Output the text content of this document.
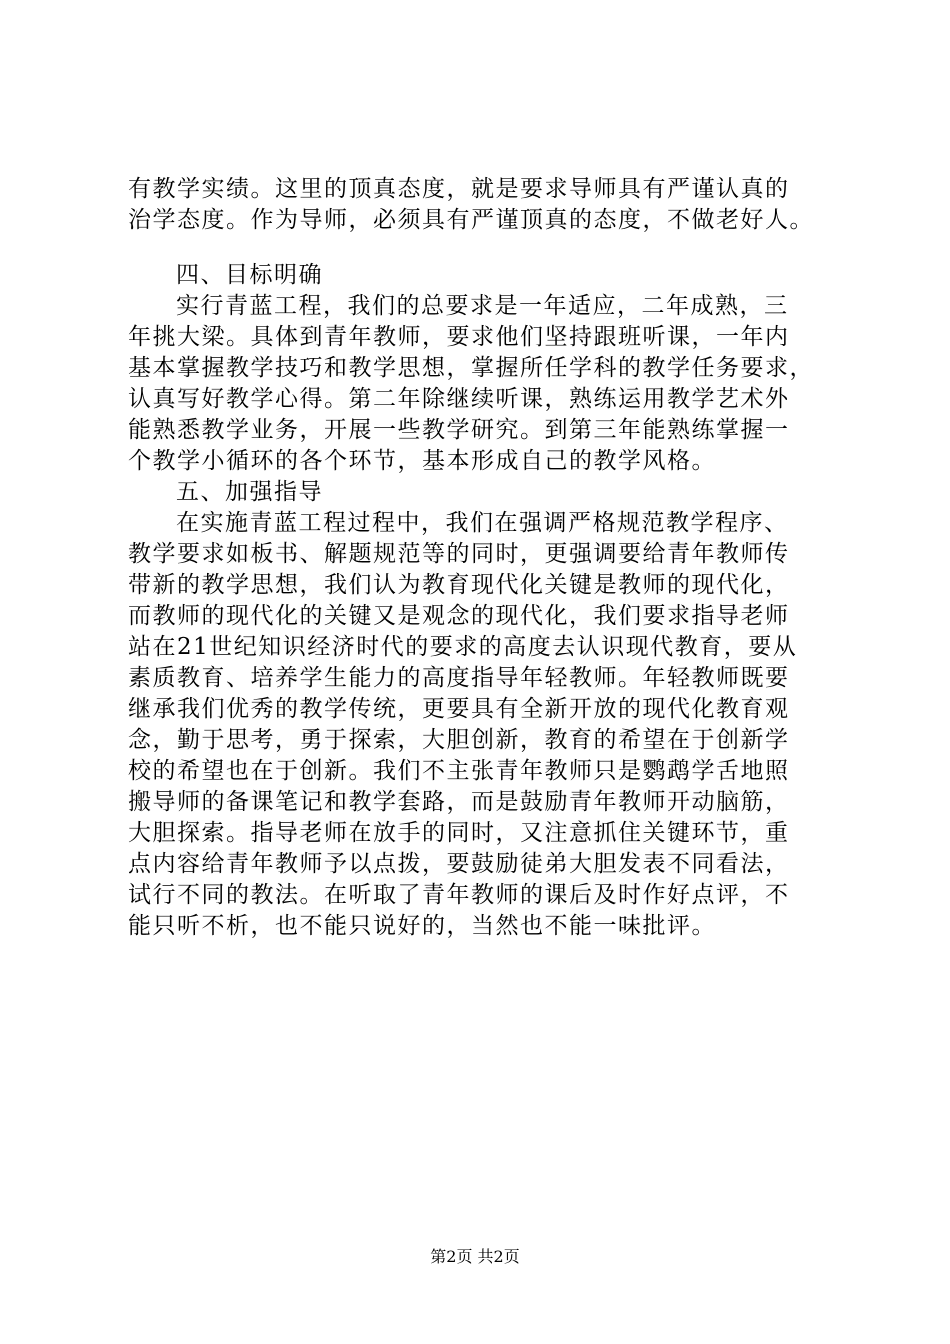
有教学实绩。这里的顶真态度，就是要求导师具有严谨认真的
治学态度。作为导师，必须具有严谨顶真的态度，不做老好人。
四、目标明确
实行青蓝工程，我们的总要求是一年适应，二年成熟，三
年挑大梁。具体到青年教师，要求他们坚持跟班听课，一年内
基本掌握教学技巧和教学思想，掌握所任学科的教学任务要求，
认真写好教学心得。第二年除继续听课，熟练运用教学艺术外
能熟悉教学业务，开展一些教学研究。到第三年能熟练掌握一
个教学小循环的各个环节，基本形成自己的教学风格。
五、加强指导
在实施青蓝工程过程中，我们在强调严格规范教学程序、
教学要求如板书、解题规范等的同时，更强调要给青年教师传
带新的教学思想，我们认为教育现代化关键是教师的现代化，
而教师的现代化的关键又是观念的现代化，我们要求指导老师
站在21世纪知识经济时代的要求的高度去认识现代教育，要从
素质教育、培养学生能力的高度指导年轻教师。年轻教师既要
继承我们优秀的教学传统，更要具有全新开放的现代化教育观
念，勤于思考，勇于探索，大胆创新，教育的希望在于创新学
校的希望也在于创新。我们不主张青年教师只是鹦鹉学舌地照
搬导师的备课笔记和教学套路，而是鼓励青年教师开动脑筋，
大胆探索。指导老师在放手的同时，又注意抓住关键环节，重
点内容给青年教师予以点拨，要鼓励徒弟大胆发表不同看法，
试行不同的教法。在听取了青年教师的课后及时作好点评，不
能只听不析，也不能只说好的，当然也不能一味批评。
第2页 共2页
